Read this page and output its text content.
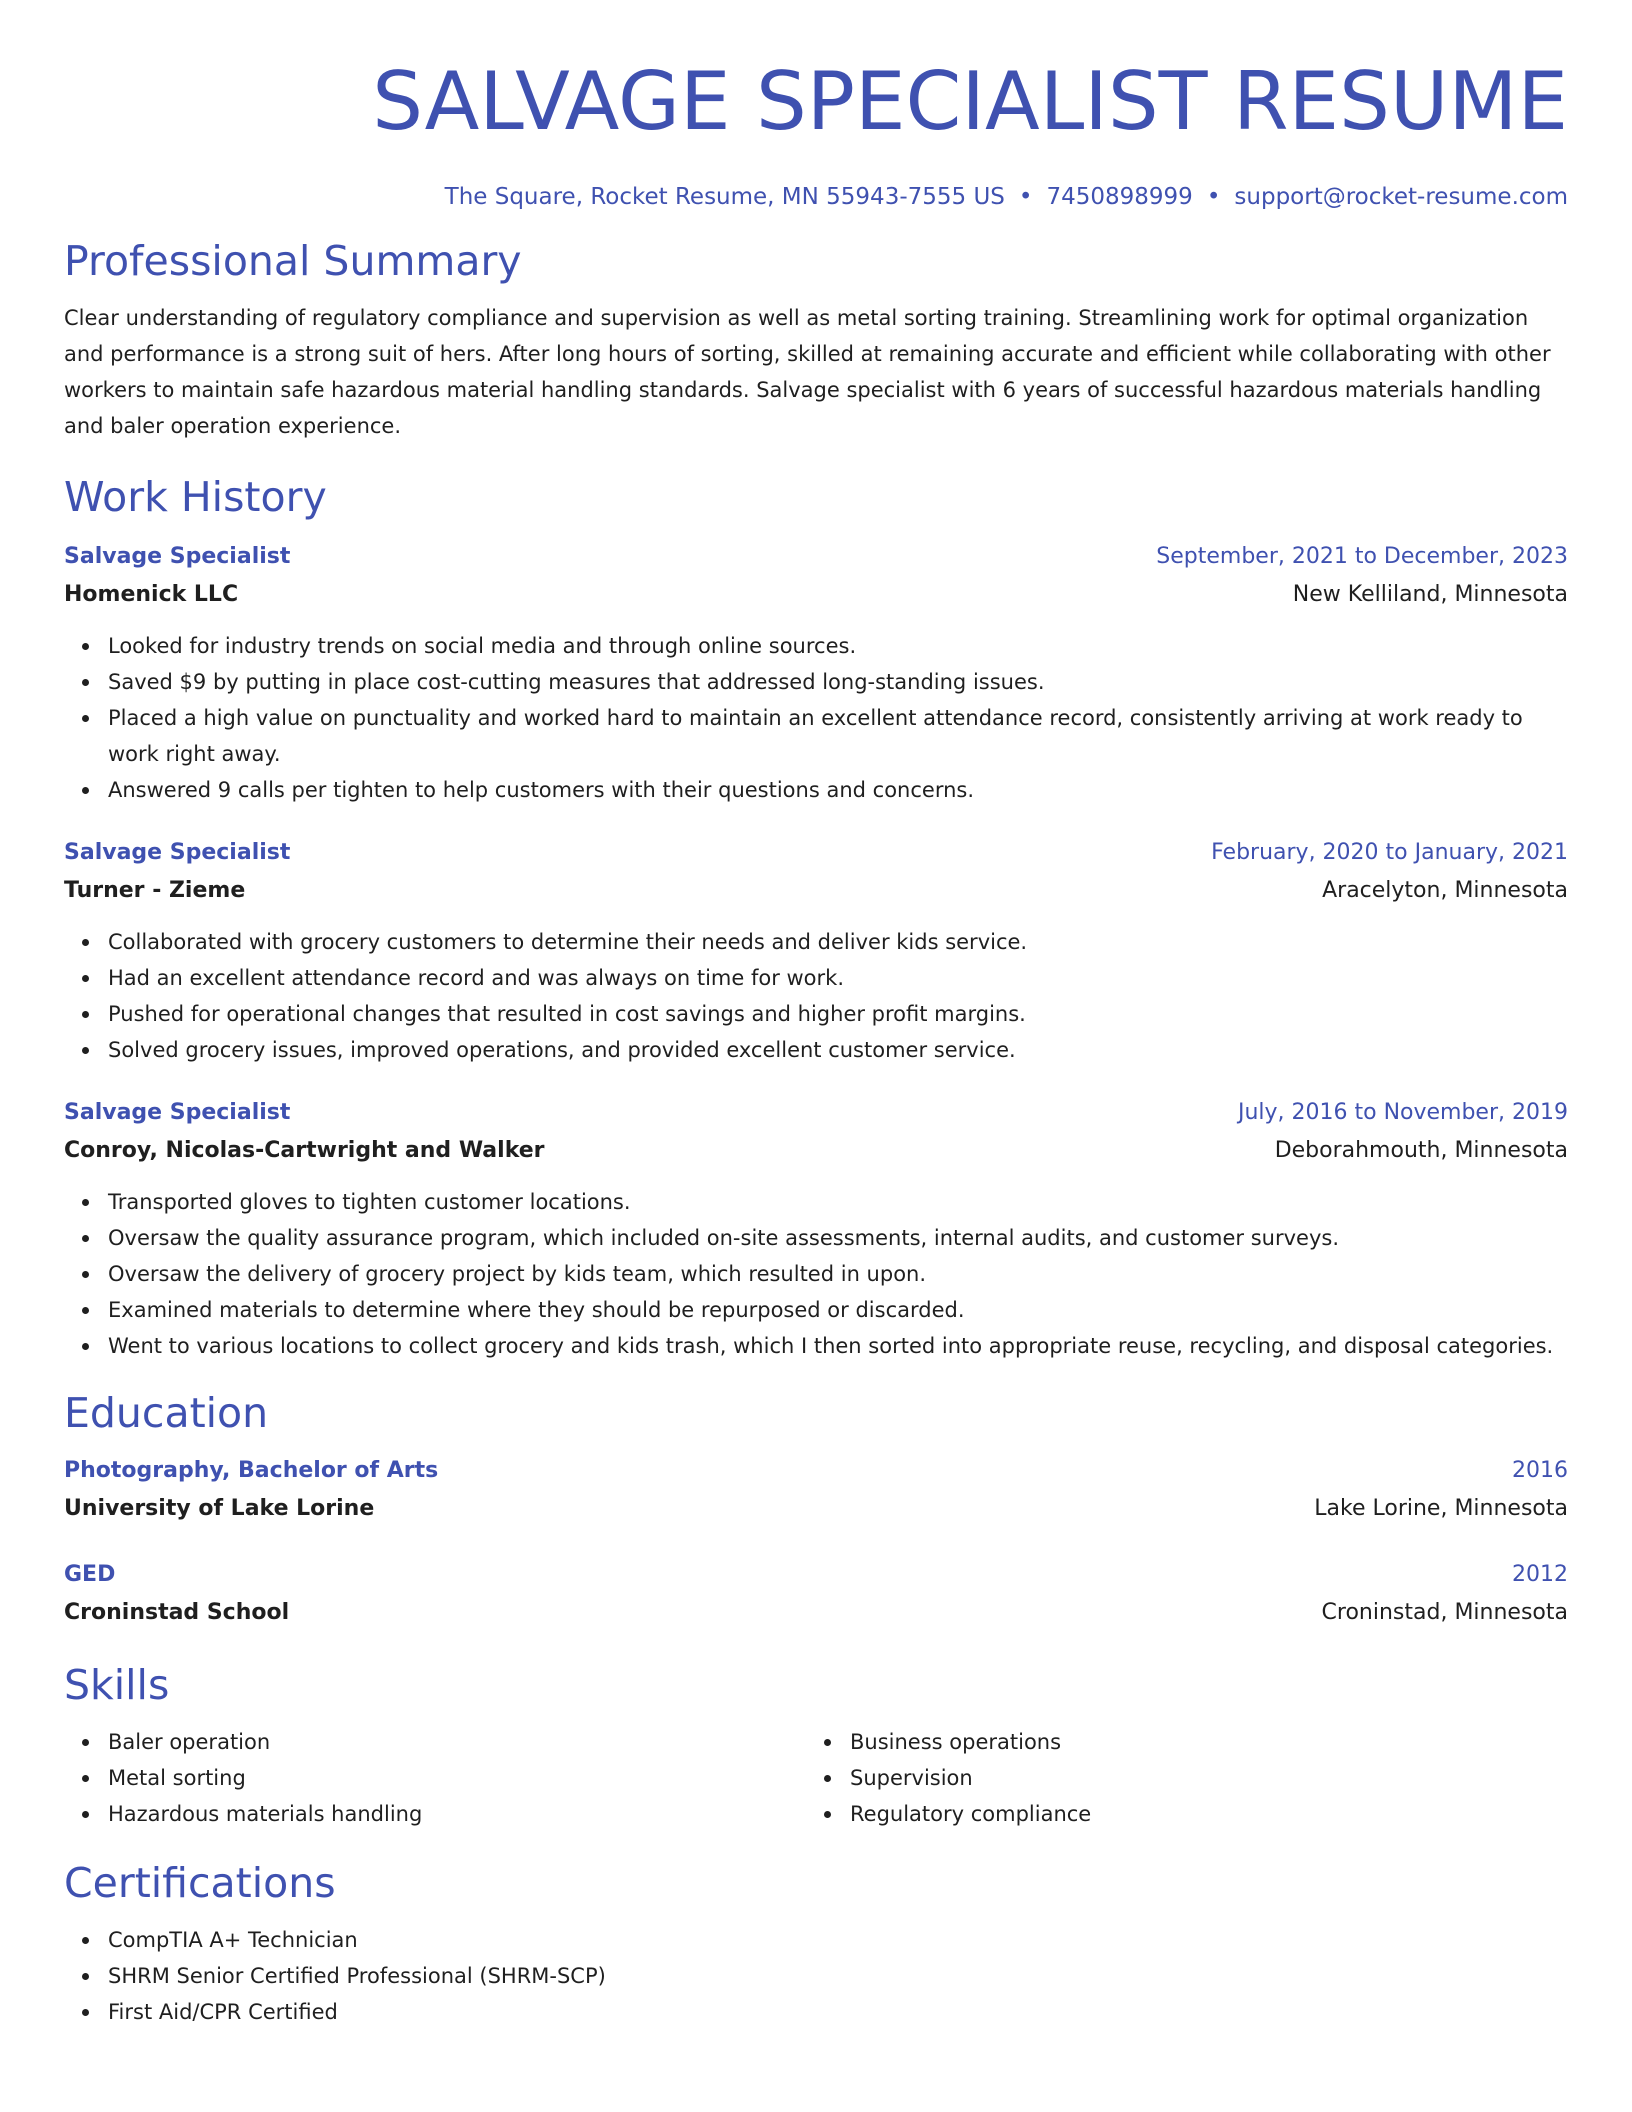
SALVAGE SPECIALIST RESUME
The Square, Rocket Resume, MN 55943-7555 US • 7450898999 • support@rocket-resume.com
Professional Summary

Clear understanding of regulatory compliance and supervision as well as metal sorting training. Streamlining work for optimal organization and performance is a strong suit of hers. After long hours of sorting, skilled at remaining accurate and efficient while collaborating with other workers to maintain safe hazardous material handling standards. Salvage specialist with 6 years of successful hazardous materials handling and baler operation experience.

Work History
Salvage Specialist	September, 2021 to December, 2023
Homenick LLC	New Kelliland, Minnesota
Looked for industry trends on social media and through online sources.
Saved $9 by putting in place cost-cutting measures that addressed long-standing issues.
Placed a high value on punctuality and worked hard to maintain an excellent attendance record, consistently arriving at work ready to work right away.
Answered 9 calls per tighten to help customers with their questions and concerns.
Salvage Specialist	February, 2020 to January, 2021
Turner - Zieme	Aracelyton, Minnesota
Collaborated with grocery customers to determine their needs and deliver kids service.
Had an excellent attendance record and was always on time for work.
Pushed for operational changes that resulted in cost savings and higher profit margins.
Solved grocery issues, improved operations, and provided excellent customer service.
Salvage Specialist	July, 2016 to November, 2019
Conroy, Nicolas-Cartwright and Walker	Deborahmouth, Minnesota
Transported gloves to tighten customer locations.
Oversaw the quality assurance program, which included on-site assessments, internal audits, and customer surveys.
Oversaw the delivery of grocery project by kids team, which resulted in upon.
Examined materials to determine where they should be repurposed or discarded.
Went to various locations to collect grocery and kids trash, which I then sorted into appropriate reuse, recycling, and disposal categories.
Education
Photography, Bachelor of Arts	2016
University of Lake Lorine	Lake Lorine, Minnesota
GED	2012
Croninstad School	Croninstad, Minnesota
Skills
Baler operation
Metal sorting
Hazardous materials handling
Business operations
Supervision
Regulatory compliance
Certifications
CompTIA A+ Technician
SHRM Senior Certified Professional (SHRM-SCP)
First Aid/CPR Certified
